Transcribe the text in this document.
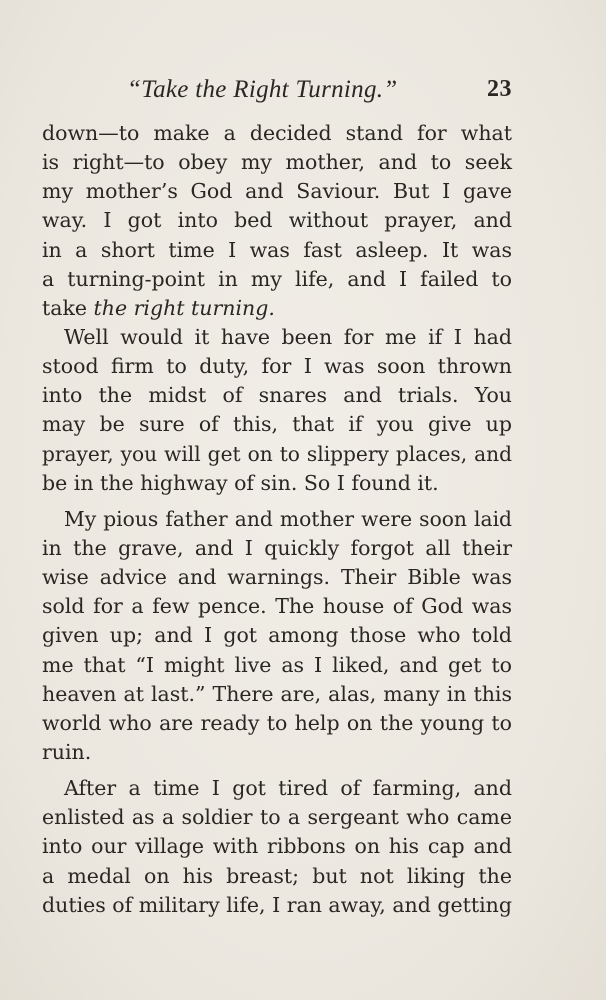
“Take the Right Turning.”	23
down—to make a decided stand for what
is right—to obey my mother, and to seek
my mother’s God and Saviour. But I gave
way. I got into bed without prayer, and
in a short time I was fast asleep. It was
a turning-point in my life, and I failed to
take the right turning.
Well would it have been for me if I had
stood firm to duty, for I was soon thrown
into the midst of snares and trials. You
may be sure of this, that if you give up
prayer, you will get on to slippery places, and
be in the highway of sin. So I found it.
My pious father and mother were soon laid
in the grave, and I quickly forgot all their
wise advice and warnings. Their Bible was
sold for a few pence. The house of God was
given up; and I got among those who told
me that “I might live as I liked, and get to
heaven at last.” There are, alas, many in this
world who are ready to help on the young to
ruin.
After a time I got tired of farming, and
enlisted as a soldier to a sergeant who came
into our village with ribbons on his cap and
a medal on his breast; but not liking the
duties of military life, I ran away, and getting
